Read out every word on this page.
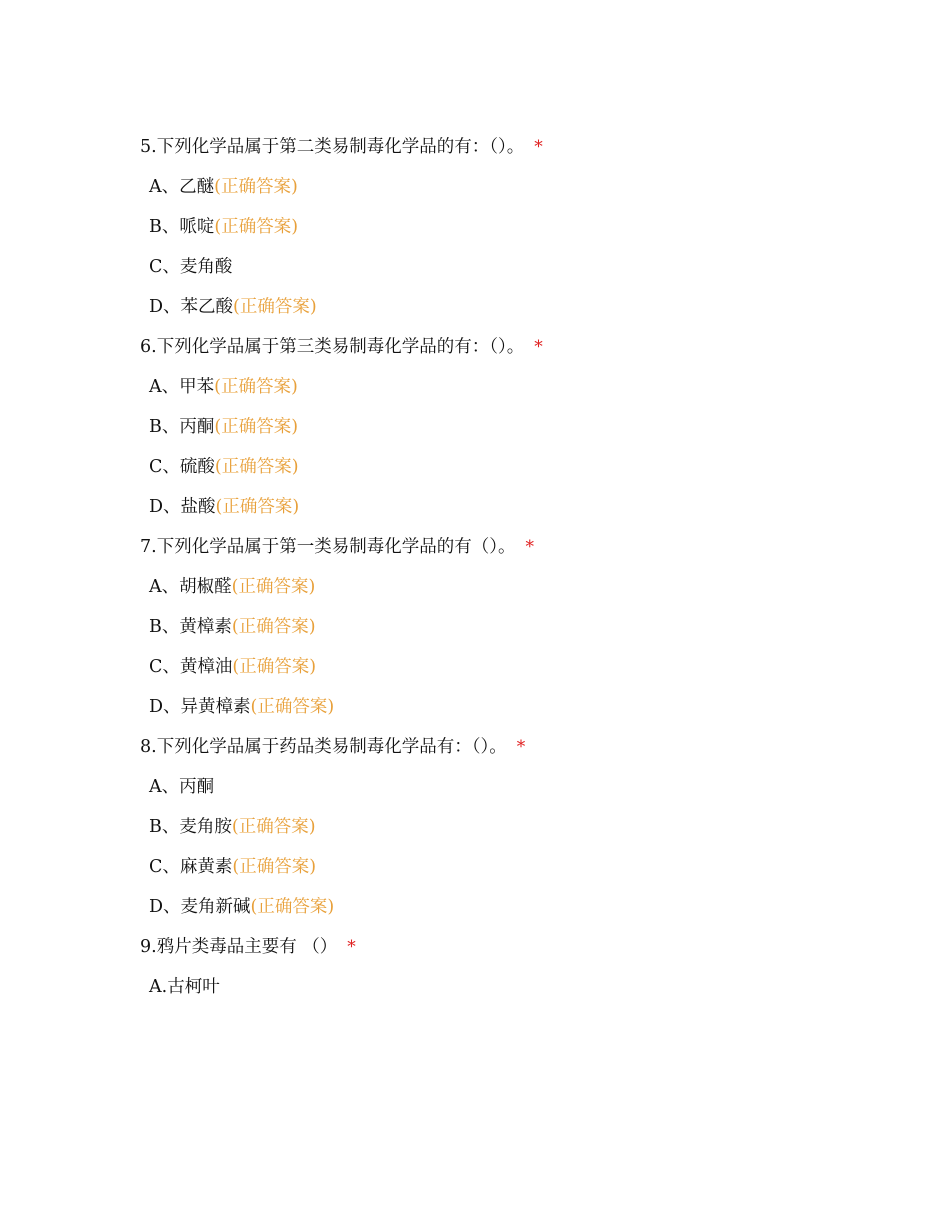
5.下列化学品属于第二类易制毒化学品的有：（）。 *
A、乙醚(正确答案)
B、哌啶(正确答案)
C、麦角酸
D、苯乙酸(正确答案)
6.下列化学品属于第三类易制毒化学品的有：（）。 *
A、甲苯(正确答案)
B、丙酮(正确答案)
C、硫酸(正确答案)
D、盐酸(正确答案)
7.下列化学品属于第一类易制毒化学品的有（）。 *
A、胡椒醛(正确答案)
B、黄樟素(正确答案)
C、黄樟油(正确答案)
D、异黄樟素(正确答案)
8.下列化学品属于药品类易制毒化学品有：（）。 *
A、丙酮
B、麦角胺(正确答案)
C、麻黄素(正确答案)
D、麦角新碱(正确答案)
9.鸦片类毒品主要有 （） *
A.古柯叶
